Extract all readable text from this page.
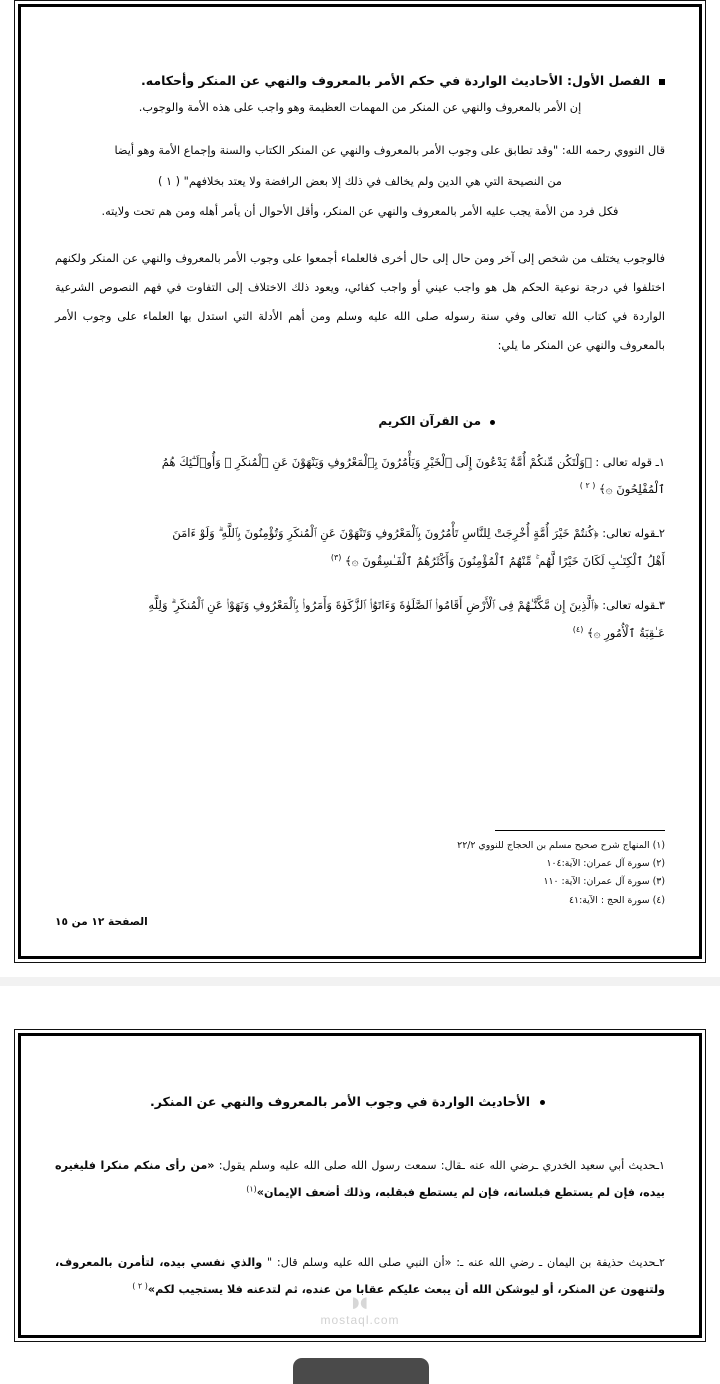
الفصل الأول: الأحاديث الواردة في حكم الأمر بالمعروف والنهي عن المنكر وأحكامه.

إن الأمر بالمعروف والنهي عن المنكر من المهمات العظيمة وهو واجب على هذه الأمة والوجوب.

قال النووي رحمه الله: "وقد تطابق على وجوب الأمر بالمعروف والنهي عن المنكر الكتاب والسنة وإجماع الأمة وهو أيضا

من النصيحة التي هي الدين ولم يخالف في ذلك إلا بعض الرافضة ولا يعتد بخلافهم" ( ١ )

فكل فرد من الأمة يجب عليه الأمر بالمعروف والنهي عن المنكر، وأقل الأحوال أن يأمر أهله ومن هم تحت ولايته.

فالوجوب يختلف من شخص إلى آخر ومن حال إلى حال أخرى فالعلماء أجمعوا على وجوب الأمر بالمعروف والنهي عن المنكر ولكنهم اختلفوا في درجة نوعية الحكم هل هو واجب عيني أو واجب كفائي، ويعود ذلك الاختلاف إلى التفاوت في فهم النصوص الشرعية الواردة في كتاب الله تعالى وفي سنة رسوله صلى الله عليه وسلم ومن أهم الأدلة التي استدل بها العلماء على وجوب الأمر بالمعروف والنهي عن المنكر ما يلي:

من القرآن الكريم
١ـ قوله تعالى : ﴿وَلْتَكُن مِّنكُمْ أُمَّةٌ يَدْعُونَ إِلَى ٱلْخَيْرِ وَيَأْمُرُونَ بِٱلْمَعْرُوفِ وَيَنْهَوْنَ عَنِ ٱلْمُنكَرِ ۚ وَأُو۟لَـٰٓئِكَ هُمُ
ٱلْمُفْلِحُونَ ۞﴾ $^{( ٢ )}$
٢ـقوله تعالى: ﴿كُنتُمْ خَيْرَ أُمَّةٍ أُخْرِجَتْ لِلنَّاسِ تَأْمُرُونَ بِٱلْمَعْرُوفِ وَتَنْهَوْنَ عَنِ ٱلْمُنكَرِ وَتُؤْمِنُونَ بِٱللَّهِ ۗ وَلَوْ ءَامَنَ
أَهْلُ ٱلْكِتَـٰبِ لَكَانَ خَيْرًا لَّهُم ۚ مِّنْهُمُ ٱلْمُؤْمِنُونَ وَأَكْثَرُهُمُ ٱلْفَـٰسِقُونَ ۞﴾ $^{(٣)}$
٣ـقوله تعالى: ﴿ٱلَّذِينَ إِن مَّكَّنَّـٰهُمْ فِى ٱلْأَرْضِ أَقَامُوا۟ ٱلصَّلَوٰةَ وَءَاتَوُا۟ ٱلزَّكَوٰةَ وَأَمَرُوا۟ بِٱلْمَعْرُوفِ وَنَهَوْا۟ عَنِ ٱلْمُنكَرِ ۗ وَلِلَّهِ
عَـٰقِبَةُ ٱلْأُمُورِ ۞﴾ $^{(٤)}$
(١) المنهاج شرح صحيح مسلم بن الحجاج للنووي ٢٢/٢
(٢) سورة آل عمران: الآية:١٠٤
(٣) سورة آل عمران: الآية: ١١٠
(٤) سورة الحج : الآية:٤١
الصفحة ١٢ من ١٥
الأحاديث الواردة في وجوب الأمر بالمعروف والنهي عن المنكر.

١ـحديث أبي سعيد الخدري ـرضي الله عنه ـقال: سمعت رسول الله صلى الله عليه وسلم يقول: «من رأى منكم منكرا فليغيره بيده، فإن لم يستطع فبلسانه، فإن لم يستطع فبقلبه، وذلك أضعف الإيمان»$^{(١)}$

٢ـحديث حذيفة بن اليمان ـ رضي الله عنه ـ: «أن النبي صلى الله عليه وسلم قال: " والذي نفسي بيده، لتأمرن بالمعروف، ولتنهون عن المنكر، أو ليوشكن الله أن يبعث عليكم عقابا من عنده، ثم لتدعنه فلا يستجيب لكم»$^{( ٢ )}$

◖◗
mostaql.com
